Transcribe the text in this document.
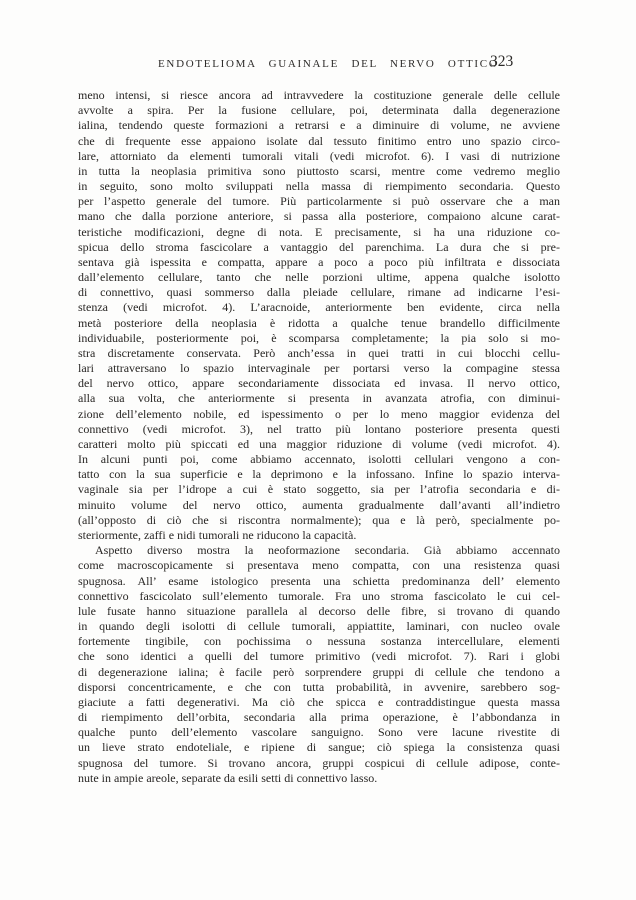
ENDOTELIOMA GUAINALE DEL NERVO OTTICO
323
meno intensi, si riesce ancora ad intravvedere la costituzione generale delle cellule
avvolte a spira. Per la fusione cellulare, poi, determinata dalla degenerazione
ialina, tendendo queste formazioni a retrarsi e a diminuire di volume, ne avviene
che di frequente esse appaiono isolate dal tessuto finitimo entro uno spazio circo-
lare, attorniato da elementi tumorali vitali (vedi microfot. 6). I vasi di nutrizione
in tutta la neoplasia primitiva sono piuttosto scarsi, mentre come vedremo meglio
in seguito, sono molto sviluppati nella massa di riempimento secondaria. Questo
per l’aspetto generale del tumore. Più particolarmente si può osservare che a man
mano che dalla porzione anteriore, si passa alla posteriore, compaiono alcune carat-
teristiche modificazioni, degne di nota. E precisamente, si ha una riduzione co-
spicua dello stroma fascicolare a vantaggio del parenchima. La dura che si pre-
sentava già ispessita e compatta, appare a poco a poco più infiltrata e dissociata
dall’elemento cellulare, tanto che nelle porzioni ultime, appena qualche isolotto
di connettivo, quasi sommerso dalla pleiade cellulare, rimane ad indicarne l’esi-
stenza (vedi microfot. 4). L’aracnoide, anteriormente ben evidente, circa nella
metà posteriore della neoplasia è ridotta a qualche tenue brandello difficilmente
individuabile, posteriormente poi, è scomparsa completamente; la pia solo si mo-
stra discretamente conservata. Però anch’essa in quei tratti in cui blocchi cellu-
lari attraversano lo spazio intervaginale per portarsi verso la compagine stessa
del nervo ottico, appare secondariamente dissociata ed invasa. Il nervo ottico,
alla sua volta, che anteriormente si presenta in avanzata atrofia, con diminui-
zione dell’elemento nobile, ed ispessimento o per lo meno maggior evidenza del
connettivo (vedi microfot. 3), nel tratto più lontano posteriore presenta questi
caratteri molto più spiccati ed una maggior riduzione di volume (vedi microfot. 4).
In alcuni punti poi, come abbiamo accennato, isolotti cellulari vengono a con-
tatto con la sua superficie e la deprimono e la infossano. Infine lo spazio interva-
vaginale sia per l’idrope a cui è stato soggetto, sia per l’atrofia secondaria e di-
minuito volume del nervo ottico, aumenta gradualmente dall’avanti all’indietro
(all’opposto di ciò che si riscontra normalmente); qua e là però, specialmente po-
steriormente, zaffi e nidi tumorali ne riducono la capacità.
Aspetto diverso mostra la neoformazione secondaria. Già abbiamo accennato
come macroscopicamente si presentava meno compatta, con una resistenza quasi
spugnosa. All’ esame istologico presenta una schietta predominanza dell’ elemento
connettivo fascicolato sull’elemento tumorale. Fra uno stroma fascicolato le cui cel-
lule fusate hanno situazione parallela al decorso delle fibre, si trovano di quando
in quando degli isolotti di cellule tumorali, appiattite, laminari, con nucleo ovale
fortemente tingibile, con pochissima o nessuna sostanza intercellulare, elementi
che sono identici a quelli del tumore primitivo (vedi microfot. 7). Rari i globi
di degenerazione ialina; è facile però sorprendere gruppi di cellule che tendono a
disporsi concentricamente, e che con tutta probabilità, in avvenire, sarebbero sog-
giaciute a fatti degenerativi. Ma ciò che spicca e contraddistingue questa massa
di riempimento dell’orbita, secondaria alla prima operazione, è l’abbondanza in
qualche punto dell’elemento vascolare sanguigno. Sono vere lacune rivestite di
un lieve strato endoteliale, e ripiene di sangue; ciò spiega la consistenza quasi
spugnosa del tumore. Si trovano ancora, gruppi cospicui di cellule adipose, conte-
nute in ampie areole, separate da esili setti di connettivo lasso.
